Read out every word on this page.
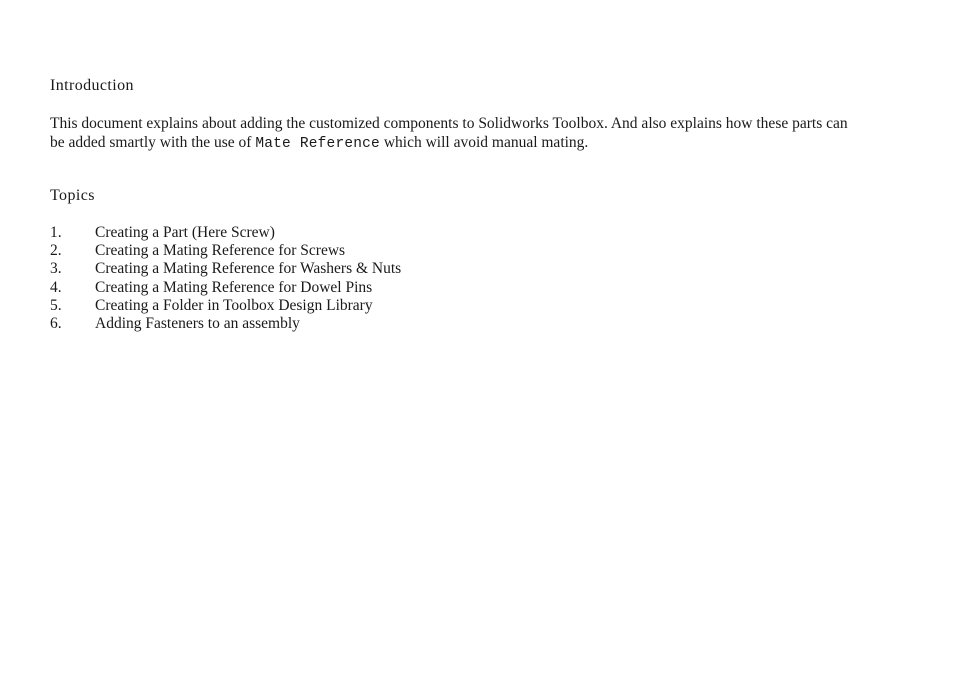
Introduction
This document explains about adding the customized components to Solidworks Toolbox. And also explains how these parts can
be added smartly with the use of Mate Reference which will avoid manual mating.
Topics
1. Creating a Part (Here Screw)
2. Creating a Mating Reference for Screws
3. Creating a Mating Reference for Washers & Nuts
4. Creating a Mating Reference for Dowel Pins
5. Creating a Folder in Toolbox Design Library
6. Adding Fasteners to an assembly
